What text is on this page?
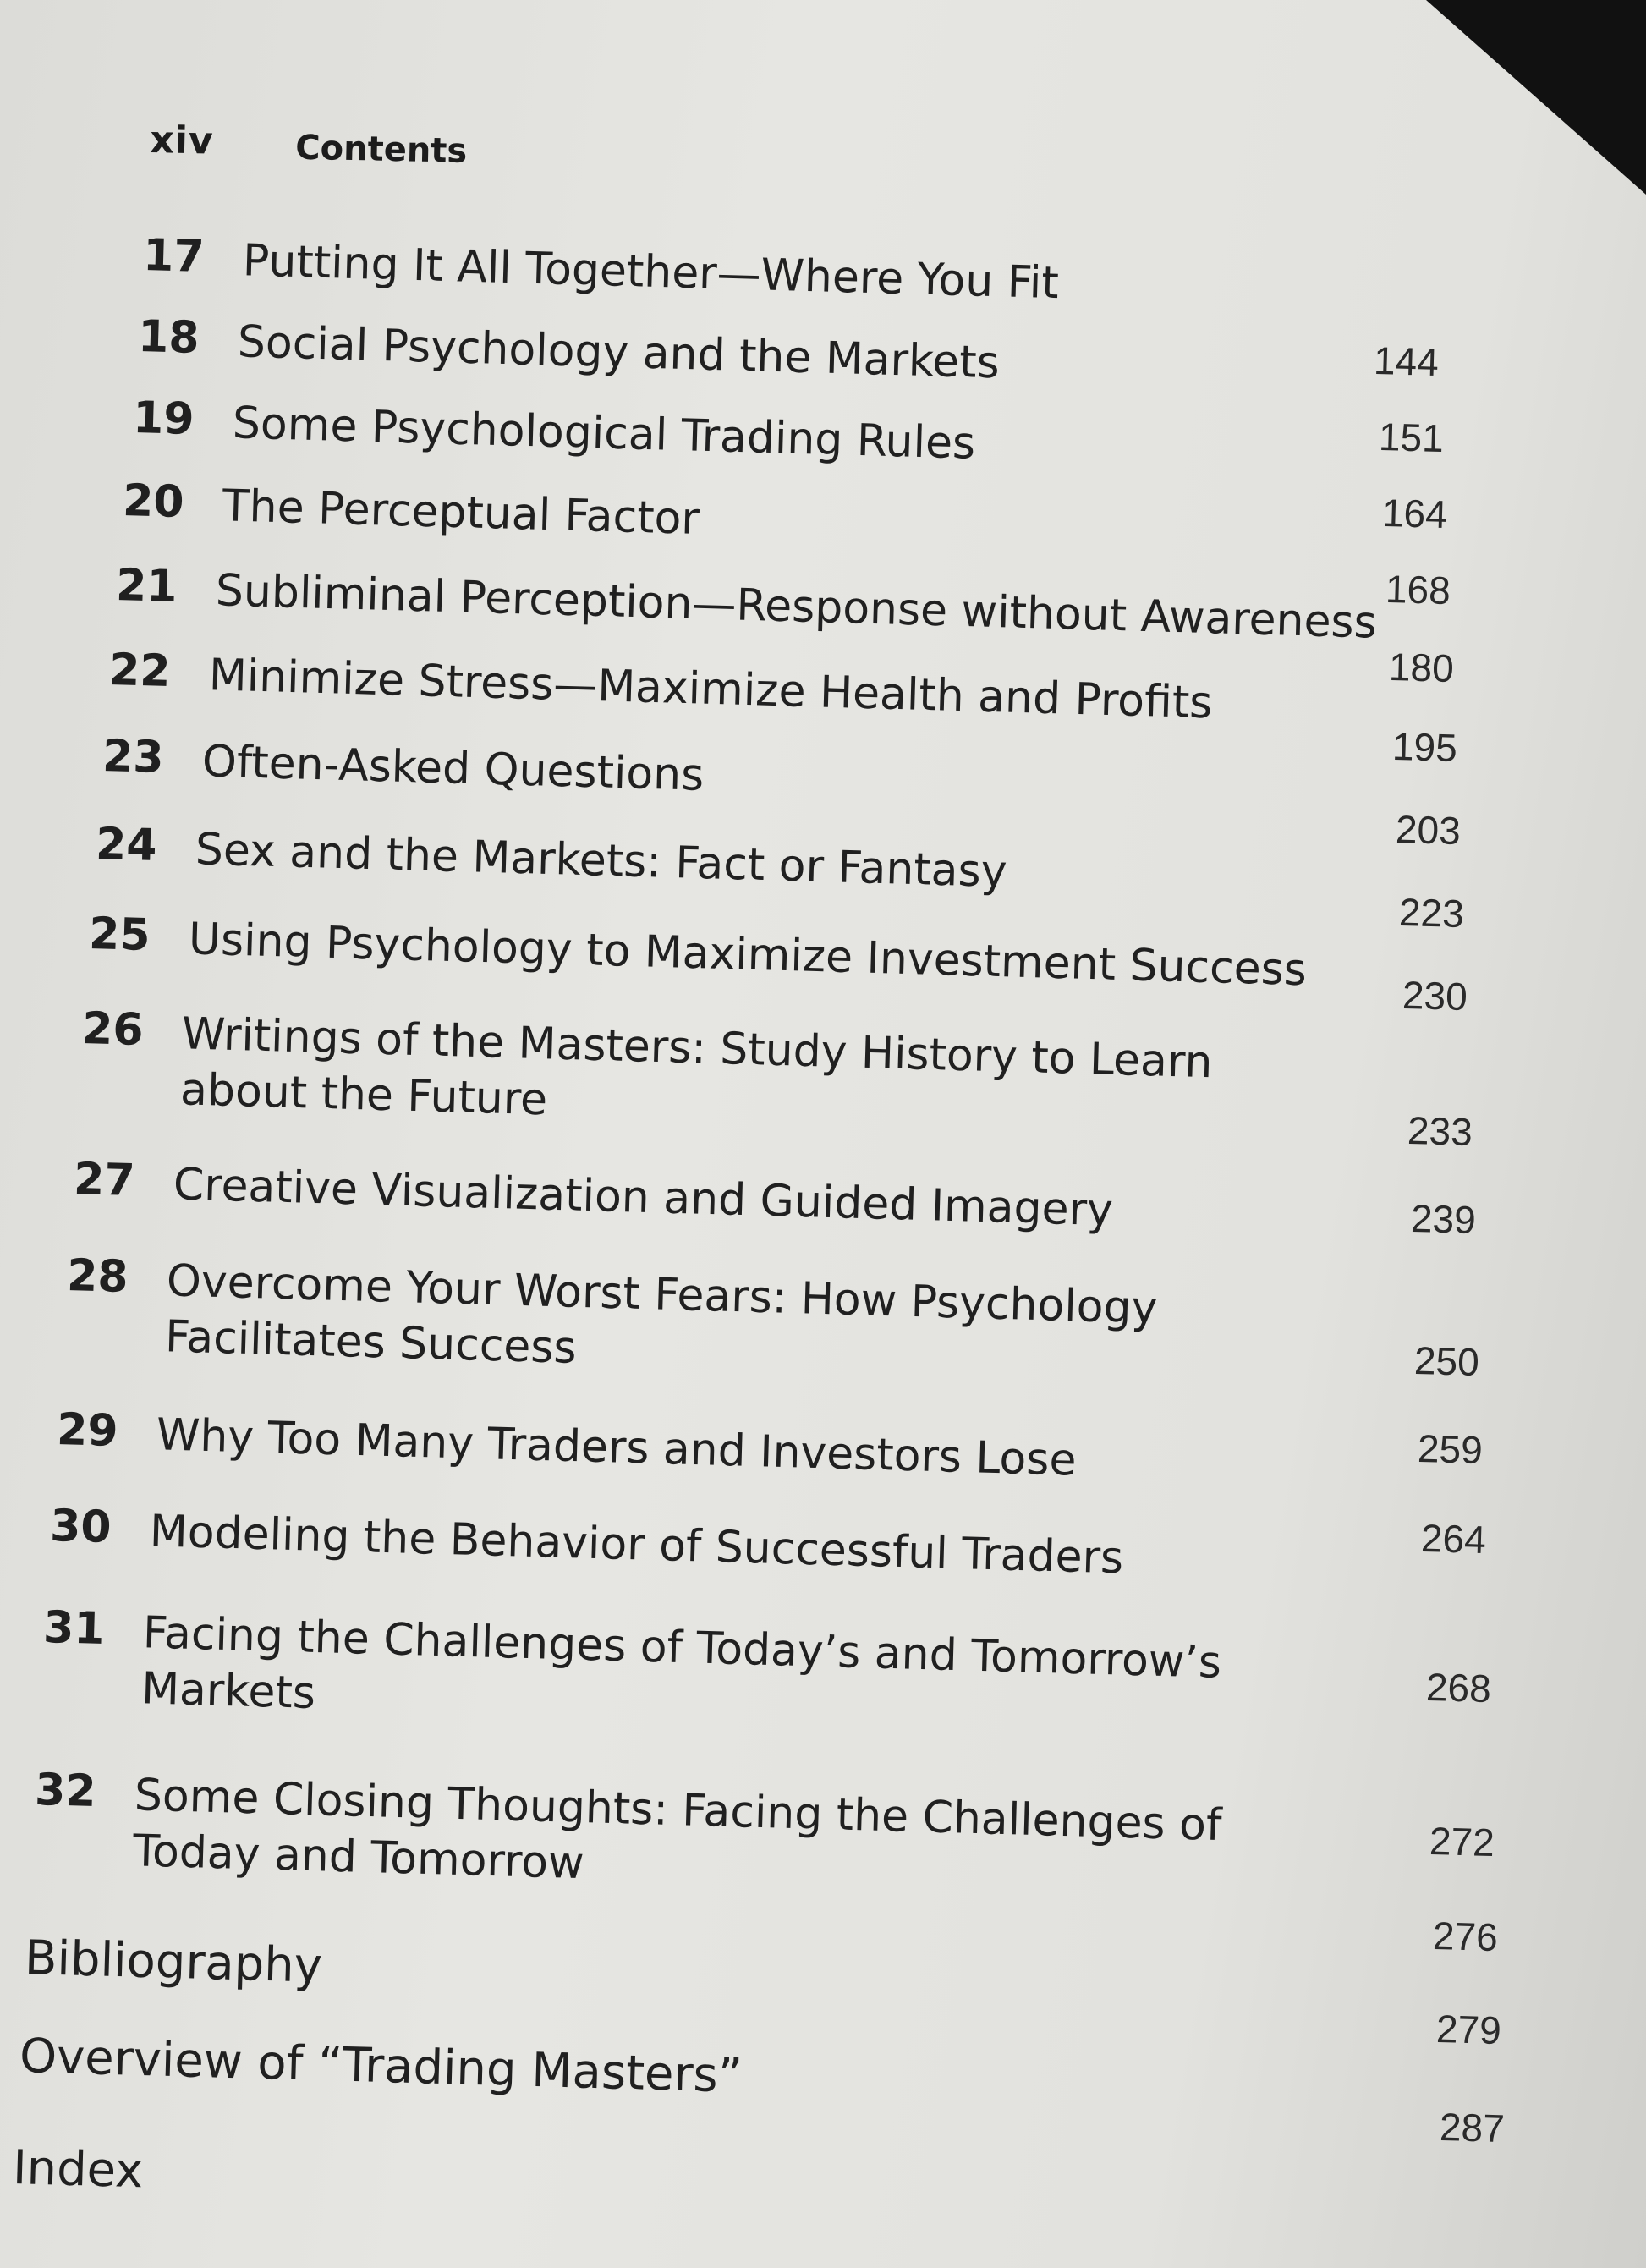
xiv Contents
17 Putting It All Together—Where You Fit
18 Social Psychology and the Markets
19 Some Psychological Trading Rules
20 The Perceptual Factor
21 Subliminal Perception—Response without Awareness
22 Minimize Stress—Maximize Health and Profits
23 Often-Asked Questions
24 Sex and the Markets: Fact or Fantasy
25 Using Psychology to Maximize Investment Success
26 Writings of the Masters: Study History to Learn
about the Future
27 Creative Visualization and Guided Imagery
28 Overcome Your Worst Fears: How Psychology
Facilitates Success
29 Why Too Many Traders and Investors Lose
30 Modeling the Behavior of Successful Traders
31 Facing the Challenges of Today’s and Tomorrow’s
Markets
32 Some Closing Thoughts: Facing the Challenges of
Today and Tomorrow
Bibliography
Overview of “Trading Masters”
Index
144
151
164
168
180
195
203
223
230
233
239
250
259
264
268
272
276
279
287
